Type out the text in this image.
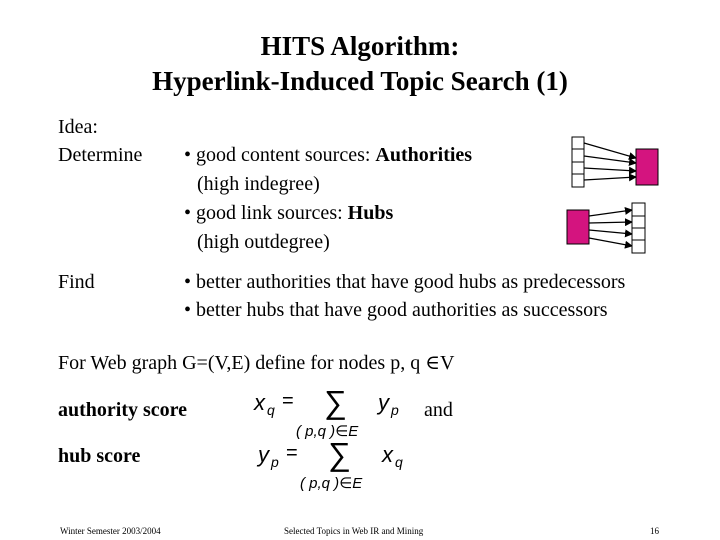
HITS Algorithm:
Hyperlink-Induced Topic Search (1)
Idea:
Determine • good content sources: Authorities
(high indegree)
• good link sources: Hubs
(high outdegree)
Find	• better authorities that have good hubs as predecessors
• better hubs that have good authorities as successors
For Web graph G=(V,E) define for nodes p, q ∈V
authority score	and
hub score
x q = ∑
( p,q )∈E
y p
y p = ∑
( p,q )∈E
x q
Winter Semester 2003/2004	Selected Topics in Web IR and Mining	16
